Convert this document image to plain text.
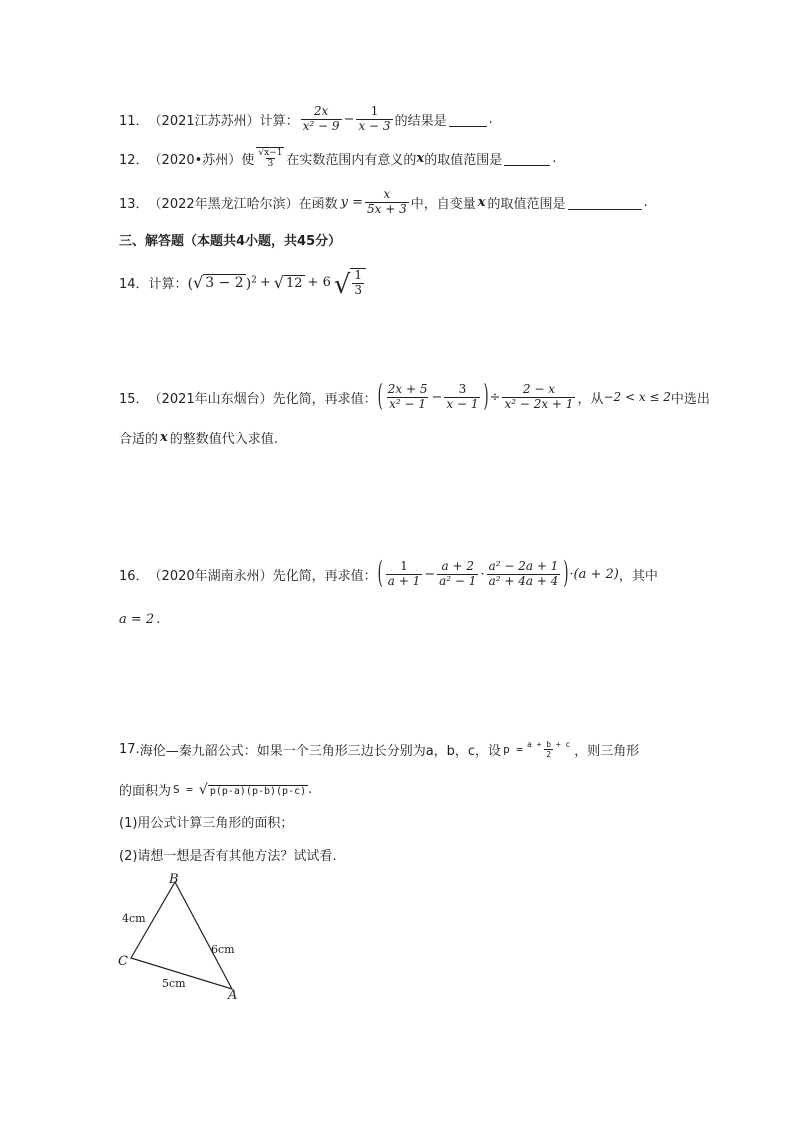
11． （2021江苏苏州） 计算： $\frac{2x}{\text{x² − 9}} - \frac{1}{x - 3}$ 的结果是	.
12． （2020•苏州） 使 $\frac{√x-1}{3}$ 在实数范围内有意义的 x 的取值范围是	.
13． （2022年黑龙江哈尔滨） 在函数 $y = \frac{x}{5x + 3}$ 中，自变量 x 的取值范围是	.
三、解答题（本题共4小题，共45分）
14． 计算： ( √ 3 − 2 )$^2$ + √ 12 + 6 √ $\frac{1}{3}$
15． （2021年山东烟台） 先化简，再求值： ( $\frac{2x + 5}{\text{x² − 1}} - \frac{3}{x - 1}$ ) ÷ $\frac{2 - x}{\text{x² − 2x + 1}}$ ，从 −2 < x ≤ 2 中选出
合适的 x 的整数值代入求值.
16． （2020年湖南永州） 先化简，再求值： ( $\frac{1}{a + 1} - \frac{a + 2}{\text{a² − 1}} \cdot \frac{\text{a² − 2a + 1}}{\text{a² + 4a + 4}}$ ) ·(a + 2) ，其中
a = 2 .
17. 海伦—秦九韶公式：如果一个三角形三边长分别为a，b，c，设 $p = \frac{a + b + c}{2}$ ，则三角形
的面积为 S = √ p(p-a)(p-b)(p-c) .
(1)用公式计算三角形的面积；
(2)请想一想是否有其他方法？试试看.
B
C
A
4cm
6cm
5cm
